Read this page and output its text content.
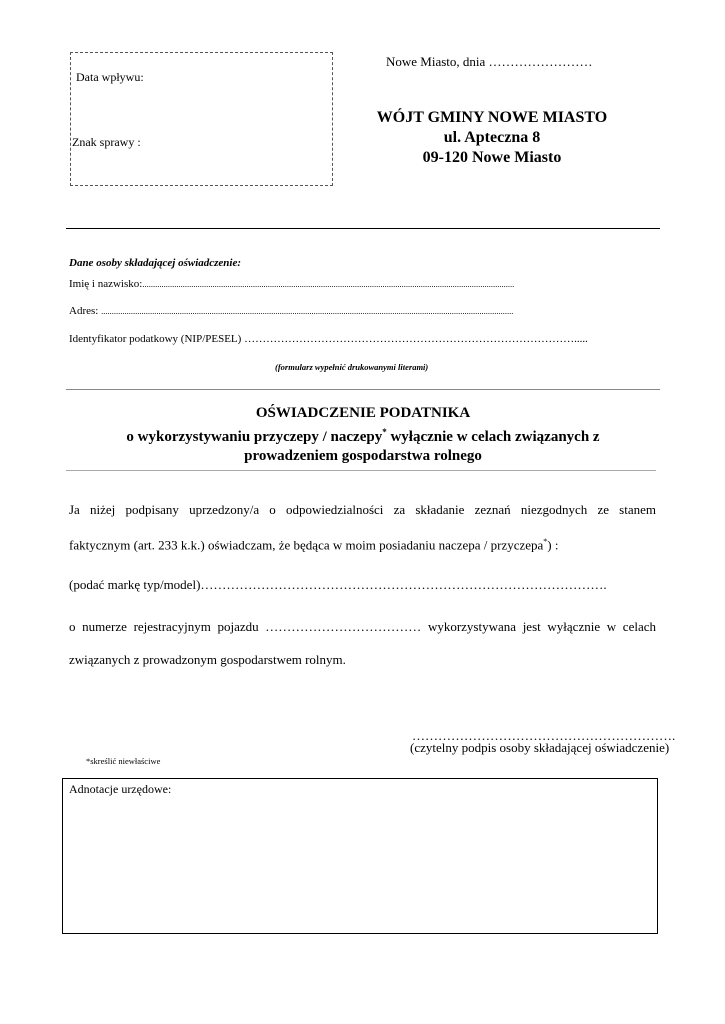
Nowe Miasto, dnia ……………………
Data wpływu:
Znak sprawy :
WÓJT GMINY NOWE MIASTO
ul. Apteczna 8
09-120 Nowe Miasto
Dane osoby składającej oświadczenie:
Imię i nazwisko:...............................................................................................................................................................................
Adres: ..................................................................................................................................................................................................
Identyfikator podatkowy (NIP/PESEL) ……………………………………………………………………………….....
(formularz wypełnić drukowanymi literami)
OŚWIADCZENIE PODATNIKA
o wykorzystywaniu przyczepy / naczepy* wyłącznie w celach związanych z
prowadzeniem gospodarstwa rolnego
Ja niżej podpisany uprzedzony/a o odpowiedzialności za składanie zeznań niezgodnych ze stanem
faktycznym (art. 233 k.k.) oświadczam, że będąca w moim posiadaniu naczepa / przyczepa*) :
(podać markę typ/model)………………………………………………………………………………….
o numerze rejestracyjnym pojazdu ……………………………… wykorzystywana jest wyłącznie w celach
związanych z prowadzonym gospodarstwem rolnym.
…………………………………………………….
(czytelny podpis osoby składającej oświadczenie)
*skreślić niewłaściwe
Adnotacje urzędowe:
